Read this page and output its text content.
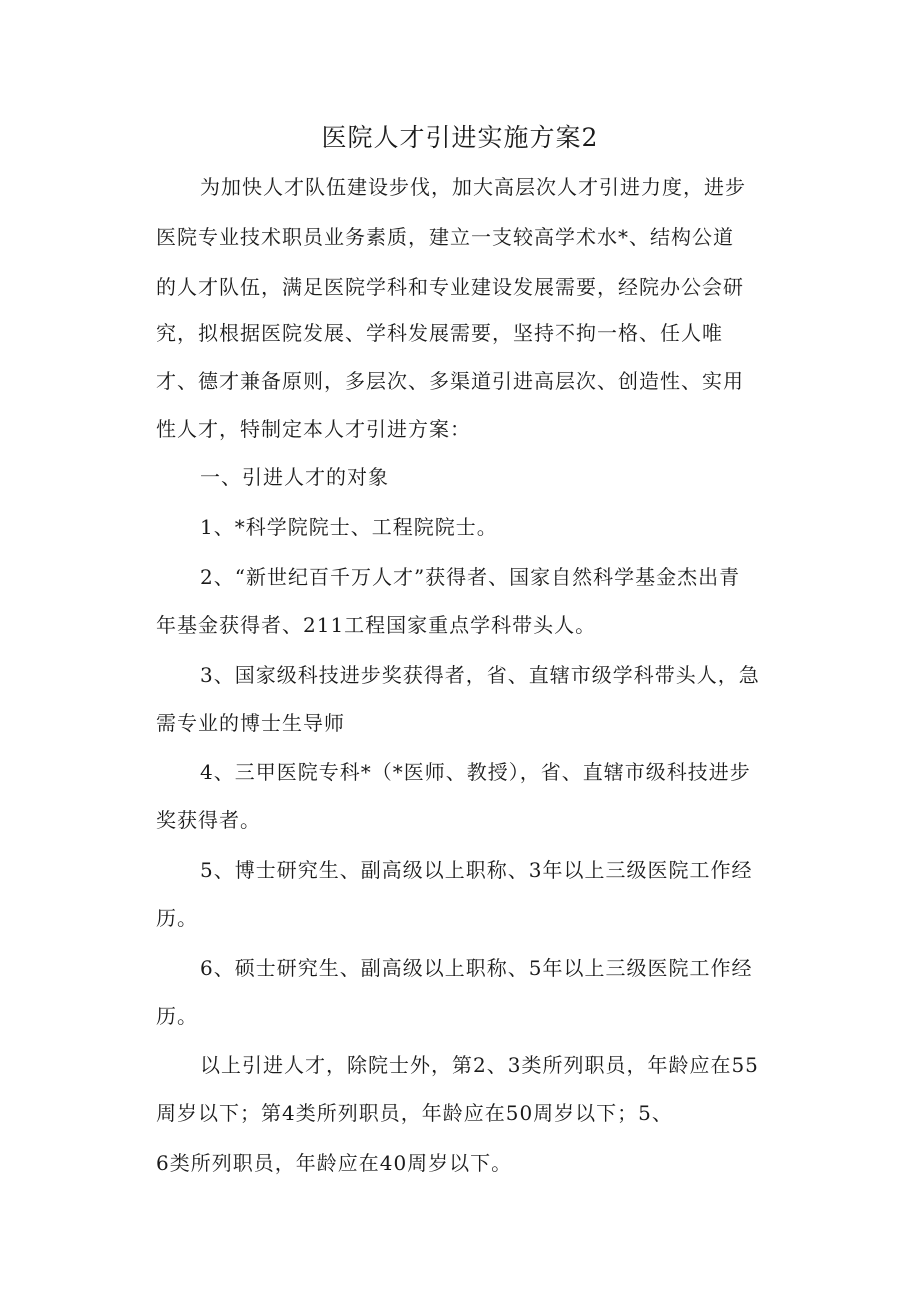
医院人才引进实施方案2
为加快人才队伍建设步伐，加大高层次人才引进力度，进步
医院专业技术职员业务素质，建立一支较高学术水*、结构公道
的人才队伍，满足医院学科和专业建设发展需要，经院办公会研
究，拟根据医院发展、学科发展需要，坚持不拘一格、任人唯
才、德才兼备原则，多层次、多渠道引进高层次、创造性、实用
性人才，特制定本人才引进方案：
一、引进人才的对象
1、*科学院院士、工程院院士。
2、“新世纪百千万人才”获得者、国家自然科学基金杰出青
年基金获得者、211工程国家重点学科带头人。
3、国家级科技进步奖获得者，省、直辖市级学科带头人，急
需专业的博士生导师
4、三甲医院专科*（*医师、教授），省、直辖市级科技进步
奖获得者。
5、博士研究生、副高级以上职称、3年以上三级医院工作经
历。
6、硕士研究生、副高级以上职称、5年以上三级医院工作经
历。
以上引进人才，除院士外，第2、3类所列职员，年龄应在55
周岁以下；第4类所列职员，年龄应在50周岁以下；5、
6类所列职员，年龄应在40周岁以下。
